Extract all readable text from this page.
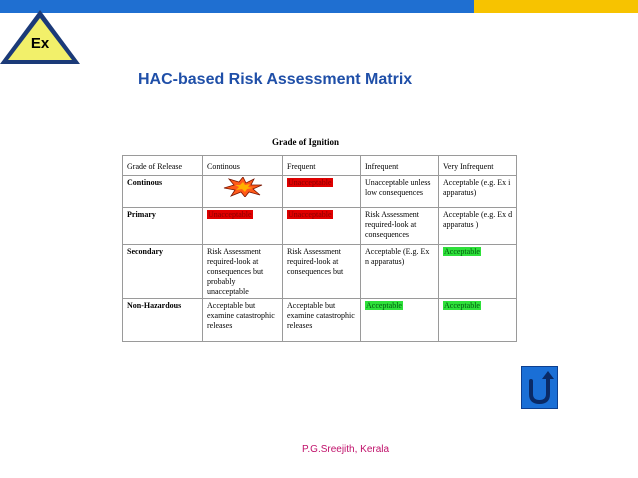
Ex
HAC-based Risk Assessment Matrix
Grade of Ignition
Grade of Release	Continous	Frequent	Infrequent	Very Infrequent
Continous		Unacceptable	Unacceptable unless low consequences	Acceptable (e.g. Ex i apparatus)
Primary	Unacceptable	Unacceptable	Risk Assessment required-look at consequences	Acceptable (e.g. Ex d apparatus )
Secondary	Risk Assessment required-look at consequences but probably unacceptable	Risk Assessment required-look at consequences but	Acceptable (E.g. Ex n apparatus)	Acceptable
Non-Hazardous	Acceptable but examine catastrophic releases	Acceptable but examine catastrophic releases	Acceptable	Acceptable
P.G.Sreejith, Kerala
